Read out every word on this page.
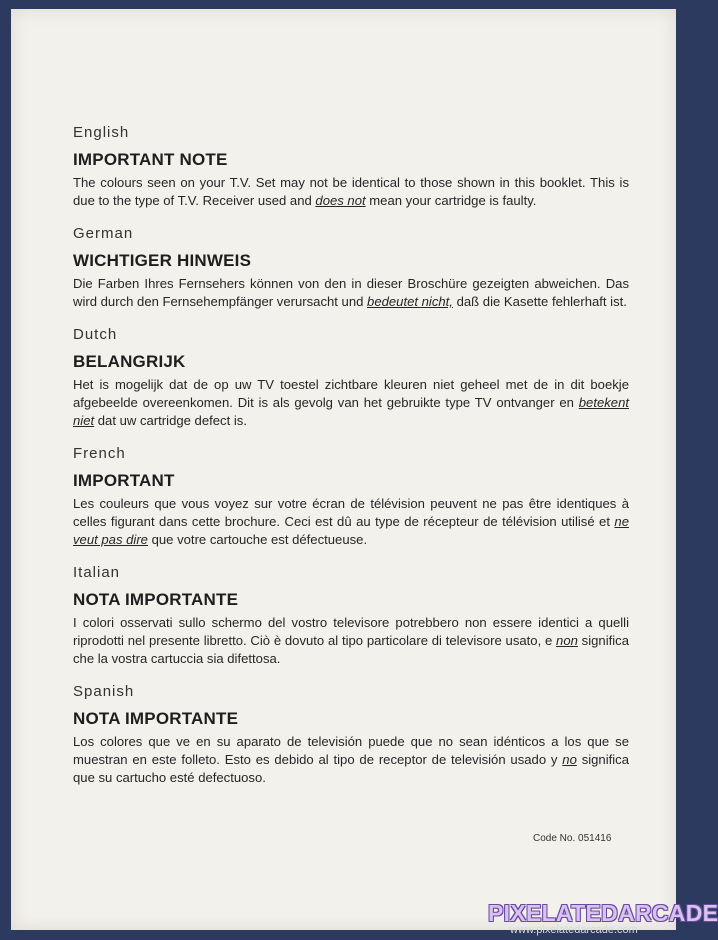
English
IMPORTANT NOTE

The colours seen on your T.V. Set may not be identical to those shown in this booklet. This is due to the type of T.V. Receiver used and does not mean your cartridge is faulty.

German
WICHTIGER HINWEIS

Die Farben Ihres Fernsehers können von den in dieser Broschüre gezeigten abweichen. Das wird durch den Fernsehempfänger verursacht und bedeutet nicht, daß die Kasette fehlerhaft ist.

Dutch
BELANGRIJK

Het is mogelijk dat de op uw TV toestel zichtbare kleuren niet geheel met de in dit boekje afgebeelde overeenkomen. Dit is als gevolg van het gebruikte type TV ontvanger en betekent niet dat uw cartridge defect is.

French
IMPORTANT

Les couleurs que vous voyez sur votre écran de télévision peuvent ne pas être identiques à celles figurant dans cette brochure. Ceci est dû au type de récepteur de télévision utilisé et ne veut pas dire que votre cartouche est défectueuse.

Italian
NOTA IMPORTANTE

I colori osservati sullo schermo del vostro televisore potrebbero non essere identici a quelli riprodotti nel presente libretto. Ciò è dovuto al tipo particolare di televisore usato, e non significa che la vostra cartuccia sia difettosa.

Spanish
NOTA IMPORTANTE

Los colores que ve en su aparato de televisión puede que no sean idénticos a los que se muestran en este folleto. Esto es debido al tipo de receptor de televisión usado y no significa que su cartucho esté defectuoso.

Code No. 051416
PIXELATEDARCADE
www.pixelatedarcade.com
